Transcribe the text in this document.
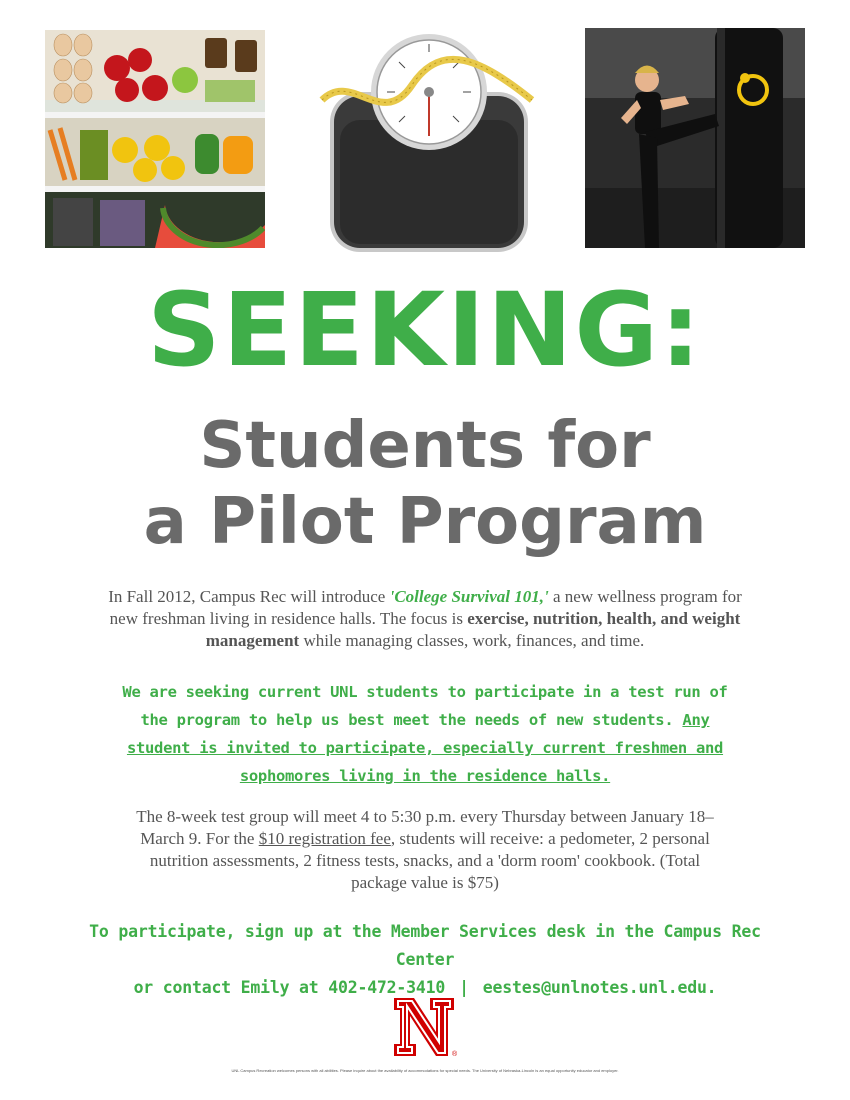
SEEKING:
Students for
a Pilot Program
In Fall 2012, Campus Rec will introduce 'College Survival 101,' a new wellness program for new freshman living in residence halls. The focus is exercise, nutrition, health, and weight management while managing classes, work, finances, and time.
We are seeking current UNL students to participate in a test run of the program to help us best meet the needs of new students. Any student is invited to participate, especially current freshmen and sophomores living in the residence halls.
The 8-week test group will meet 4 to 5:30 p.m. every Thursday between January 18–March 9. For the $10 registration fee, students will receive: a pedometer, 2 personal nutrition assessments, 2 fitness tests, snacks, and a 'dorm room' cookbook. (Total package value is $75)
To participate, sign up at the Member Services desk in the Campus Rec Center
or contact Emily at 402-472-3410 | eestes@unlnotes.unl.edu.
®
UNL Campus Recreation welcomes persons with all abilities. Please inquire about the availability of accommodations for special needs. The University of Nebraska-Lincoln is an equal opportunity educator and employer.
